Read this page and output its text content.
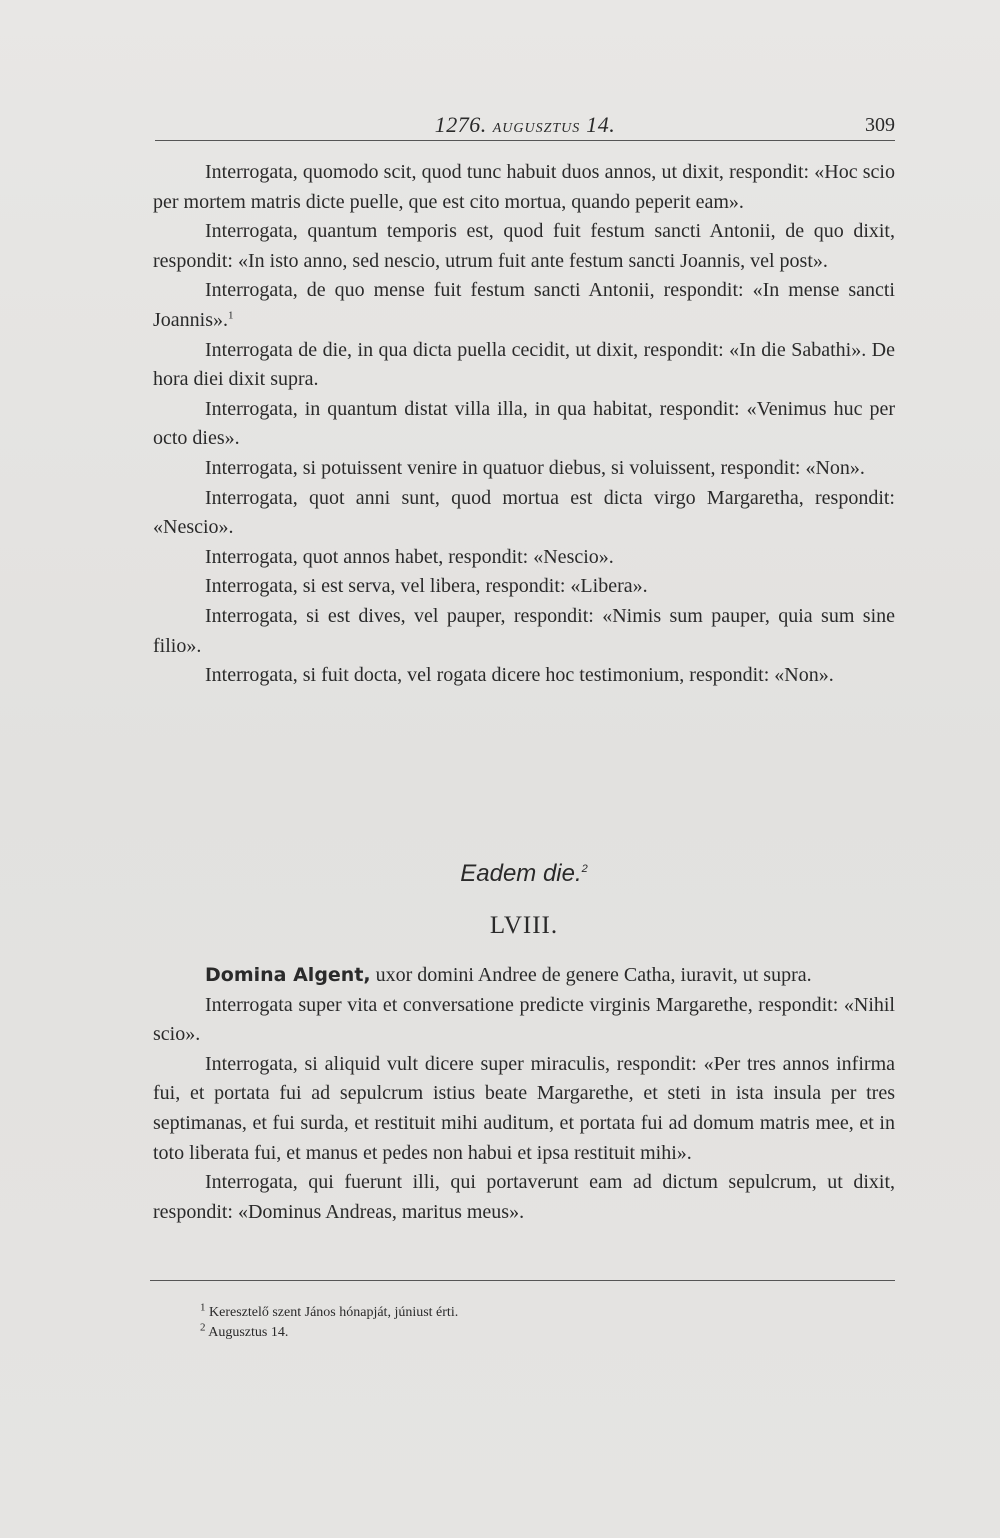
1276. AUGUSZTUS 14.	309

Interrogata, quomodo scit, quod tunc habuit duos annos, ut dixit, respondit: «Hoc scio per mortem matris dicte puelle, que est cito mortua, quando peperit eam».

Interrogata, quantum temporis est, quod fuit festum sancti Antonii, de quo dixit, respondit: «In isto anno, sed nescio, utrum fuit ante festum sancti Joannis, vel post».

Interrogata, de quo mense fuit festum sancti Antonii, respondit: «In mense sancti Joannis».$^1$

Interrogata de die, in qua dicta puella cecidit, ut dixit, respondit: «In die Sabathi». De hora diei dixit supra.

Interrogata, in quantum distat villa illa, in qua habitat, respondit: «Venimus huc per octo dies».

Interrogata, si potuissent venire in quatuor diebus, si voluissent, respondit: «Non».

Interrogata, quot anni sunt, quod mortua est dicta virgo Margaretha, respondit: «Nescio».

Interrogata, quot annos habet, respondit: «Nescio».

Interrogata, si est serva, vel libera, respondit: «Libera».

Interrogata, si est dives, vel pauper, respondit: «Nimis sum pauper, quia sum sine filio».

Interrogata, si fuit docta, vel rogata dicere hoc testimonium, respondit: «Non».

Eadem die.$^2$
LVIII.

Domina Algent, uxor domini Andree de genere Catha, iuravit, ut supra.

Interrogata super vita et conversatione predicte virginis Margarethe, respondit: «Nihil scio».

Interrogata, si aliquid vult dicere super miraculis, respondit: «Per tres annos infirma fui, et portata fui ad sepulcrum istius beate Margarethe, et steti in ista insula per tres septimanas, et fui surda, et restituit mihi auditum, et portata fui ad domum matris mee, et in toto liberata fui, et manus et pedes non habui et ipsa restituit mihi».

Interrogata, qui fuerunt illi, qui portaverunt eam ad dictum sepulcrum, ut dixit, respondit: «Dominus Andreas, maritus meus».

$^1$ Keresztelő szent János hónapját, júniust érti.
$^2$ Augusztus 14.
